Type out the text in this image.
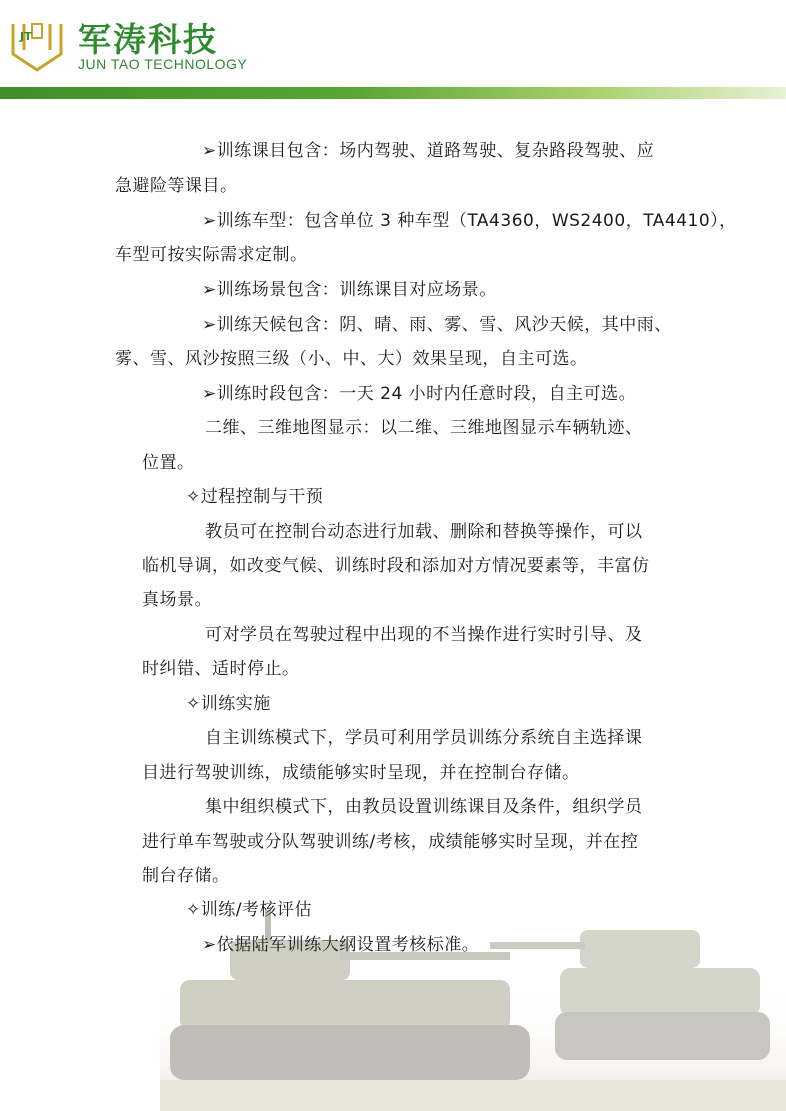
JT 军涛科技
JUN TAO TECHNOLOGY
➢训练课目包含：场内驾驶、道路驾驶、复杂路段驾驶、应
急避险等课目。
➢训练车型：包含单位 3 种车型（TA4360，WS2400，TA4410），
车型可按实际需求定制。
➢训练场景包含：训练课目对应场景。
➢训练天候包含：阴、晴、雨、雾、雪、风沙天候，其中雨、
雾、雪、风沙按照三级（小、中、大）效果呈现，自主可选。
➢训练时段包含：一天 24 小时内任意时段，自主可选。
二维、三维地图显示：以二维、三维地图显示车辆轨迹、
位置。
✧过程控制与干预
教员可在控制台动态进行加载、删除和替换等操作，可以
临机导调，如改变气候、训练时段和添加对方情况要素等，丰富仿
真场景。
可对学员在驾驶过程中出现的不当操作进行实时引导、及
时纠错、适时停止。
✧训练实施
自主训练模式下，学员可利用学员训练分系统自主选择课
目进行驾驶训练，成绩能够实时呈现，并在控制台存储。
集中组织模式下，由教员设置训练课目及条件，组织学员
进行单车驾驶或分队驾驶训练/考核，成绩能够实时呈现，并在控
制台存储。
✧训练/考核评估
➢依据陆军训练大纲设置考核标准。
